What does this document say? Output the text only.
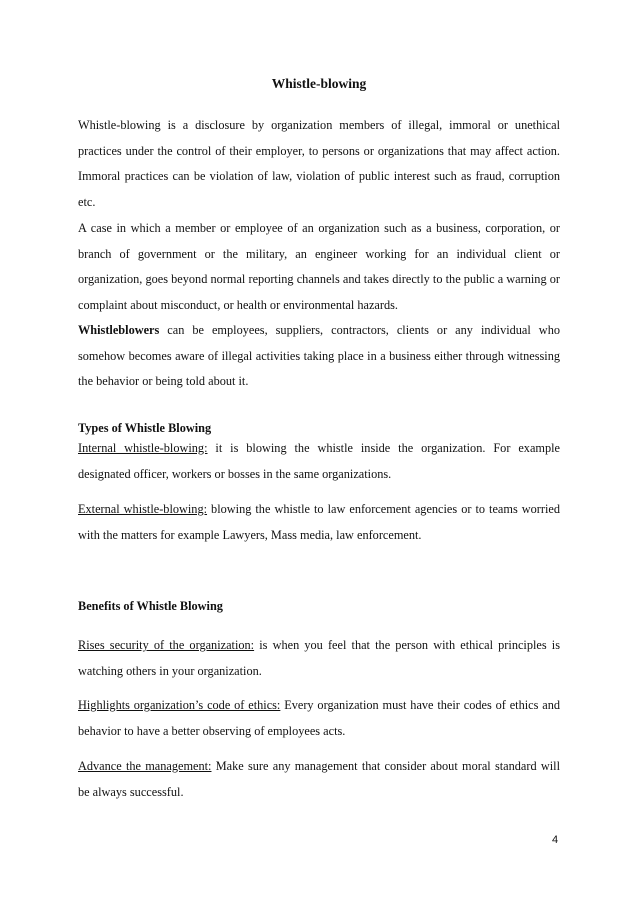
Whistle-blowing

Whistle-blowing is a disclosure by organization members of illegal, immoral or unethical practices under the control of their employer, to persons or organizations that may affect action. Immoral practices can be violation of law, violation of public interest such as fraud, corruption etc.

A case in which a member or employee of an organization such as a business, corporation, or branch of government or the military, an engineer working for an individual client or organization, goes beyond normal reporting channels and takes directly to the public a warning or complaint about misconduct, or health or environmental hazards.

Whistleblowers can be employees, suppliers, contractors, clients or any individual who somehow becomes aware of illegal activities taking place in a business either through witnessing the behavior or being told about it.

Types of Whistle Blowing

Internal whistle-blowing: it is blowing the whistle inside the organization. For example designated officer, workers or bosses in the same organizations.

External whistle-blowing: blowing the whistle to law enforcement agencies or to teams worried with the matters for example Lawyers, Mass media, law enforcement.

Benefits of Whistle Blowing

Rises security of the organization: is when you feel that the person with ethical principles is watching others in your organization.

Highlights organization’s code of ethics: Every organization must have their codes of ethics and behavior to have a better observing of employees acts.

Advance the management: Make sure any management that consider about moral standard will be always successful.

4
